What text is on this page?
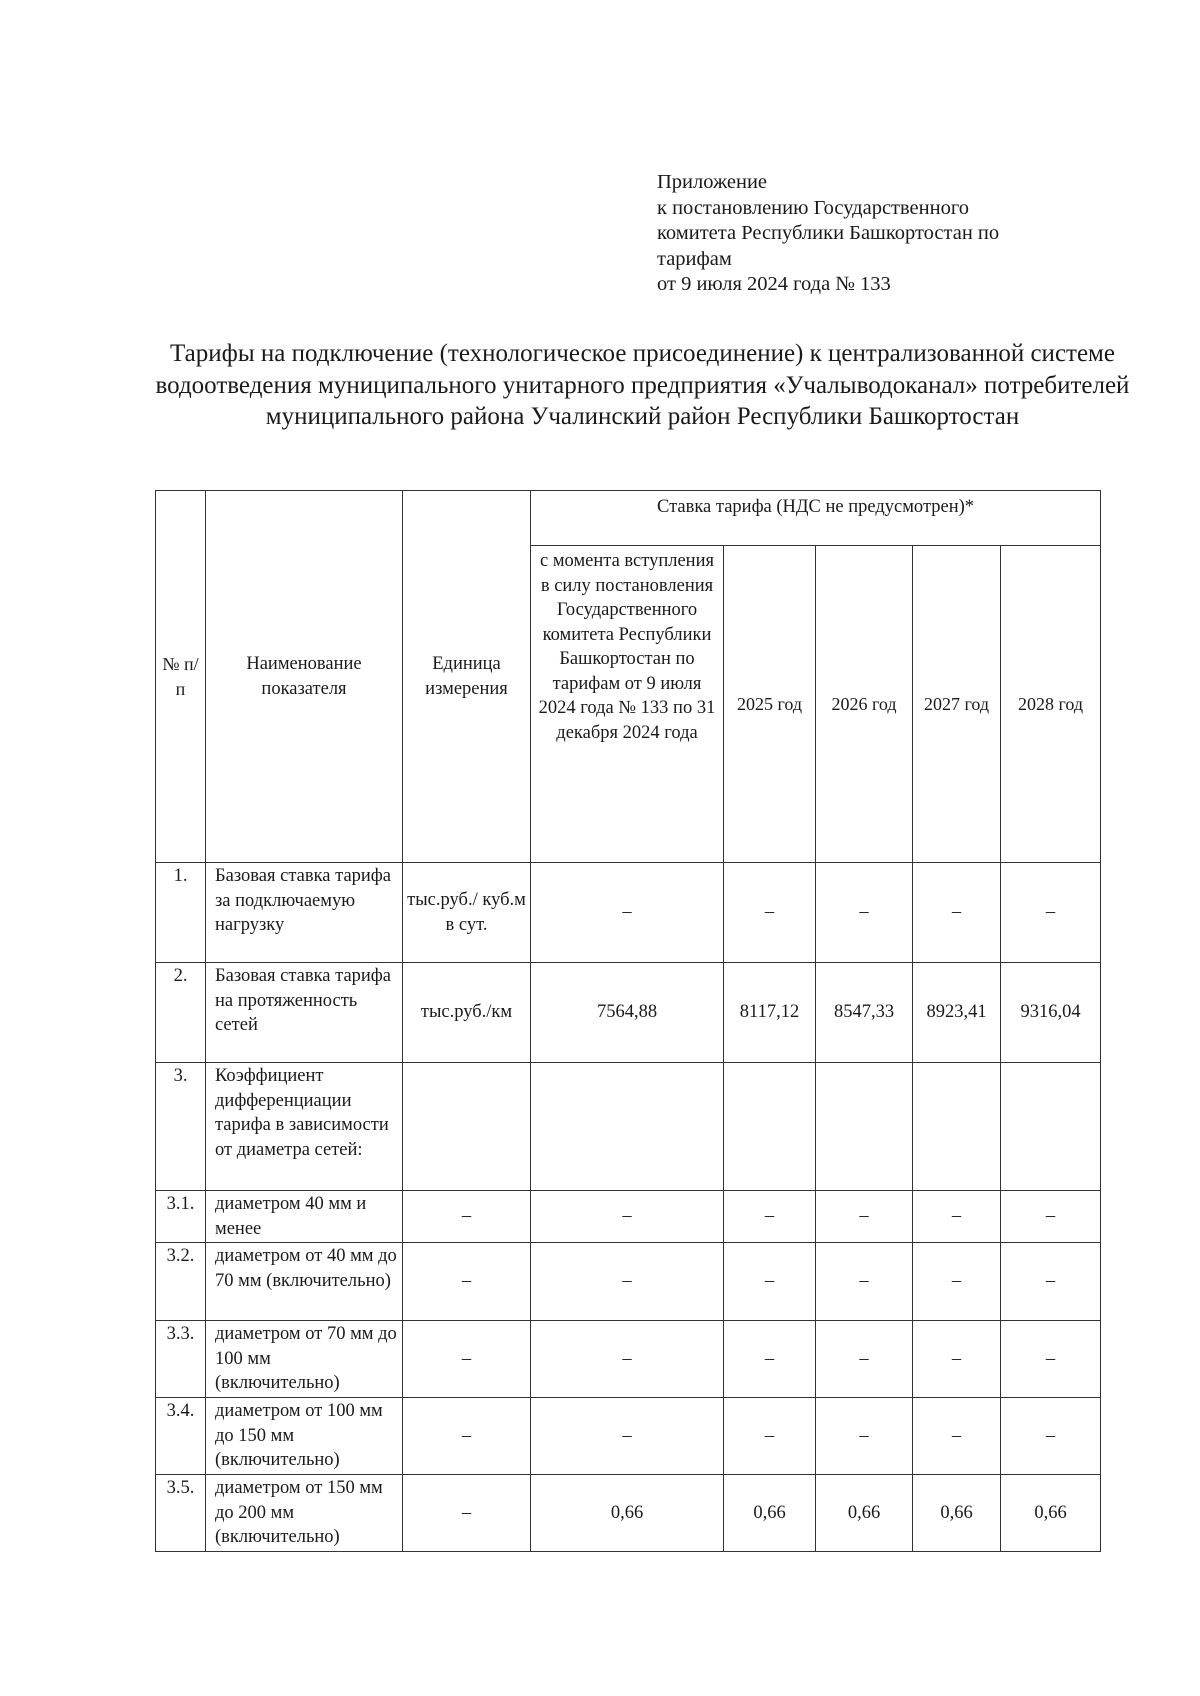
Приложение
к постановлению Государственного
комитета Республики Башкортостан по
тарифам
от 9 июля 2024 года № 133
Тарифы на подключение (технологическое присоединение) к централизованной системе водоотведения муниципального унитарного предприятия «Учалыводоканал» потребителей муниципального района Учалинский район Республики Башкортостан
№ п/п	Наименование показателя	Единица измерения	Ставка тарифа (НДС не предусмотрен)*				
			с момента вступления в силу постановления Государственного комитета Республики Башкортостан по тарифам от 9 июля 2024 года № 133 по 31 декабря 2024 года	2025 год	2026 год	2027 год	2028 год
1.	Базовая ставка тарифа за подключаемую нагрузку	тыс.руб./ куб.м в сут.	–	–	–	–	–
2.	Базовая ставка тарифа на протяженность сетей	тыс.руб./км	7564,88	8117,12	8547,33	8923,41	9316,04
3.	Коэффициент дифференциации тарифа в зависимости от диаметра сетей:						
3.1.	диаметром 40 мм и менее	–	–	–	–	–	–
3.2.	диаметром от 40 мм до 70 мм (включительно)	–	–	–	–	–	–
3.3.	диаметром от 70 мм до 100 мм (включительно)	–	–	–	–	–	–
3.4.	диаметром от 100 мм до 150 мм (включительно)	–	–	–	–	–	–
3.5.	диаметром от 150 мм до 200 мм (включительно)	–	0,66	0,66	0,66	0,66	0,66
